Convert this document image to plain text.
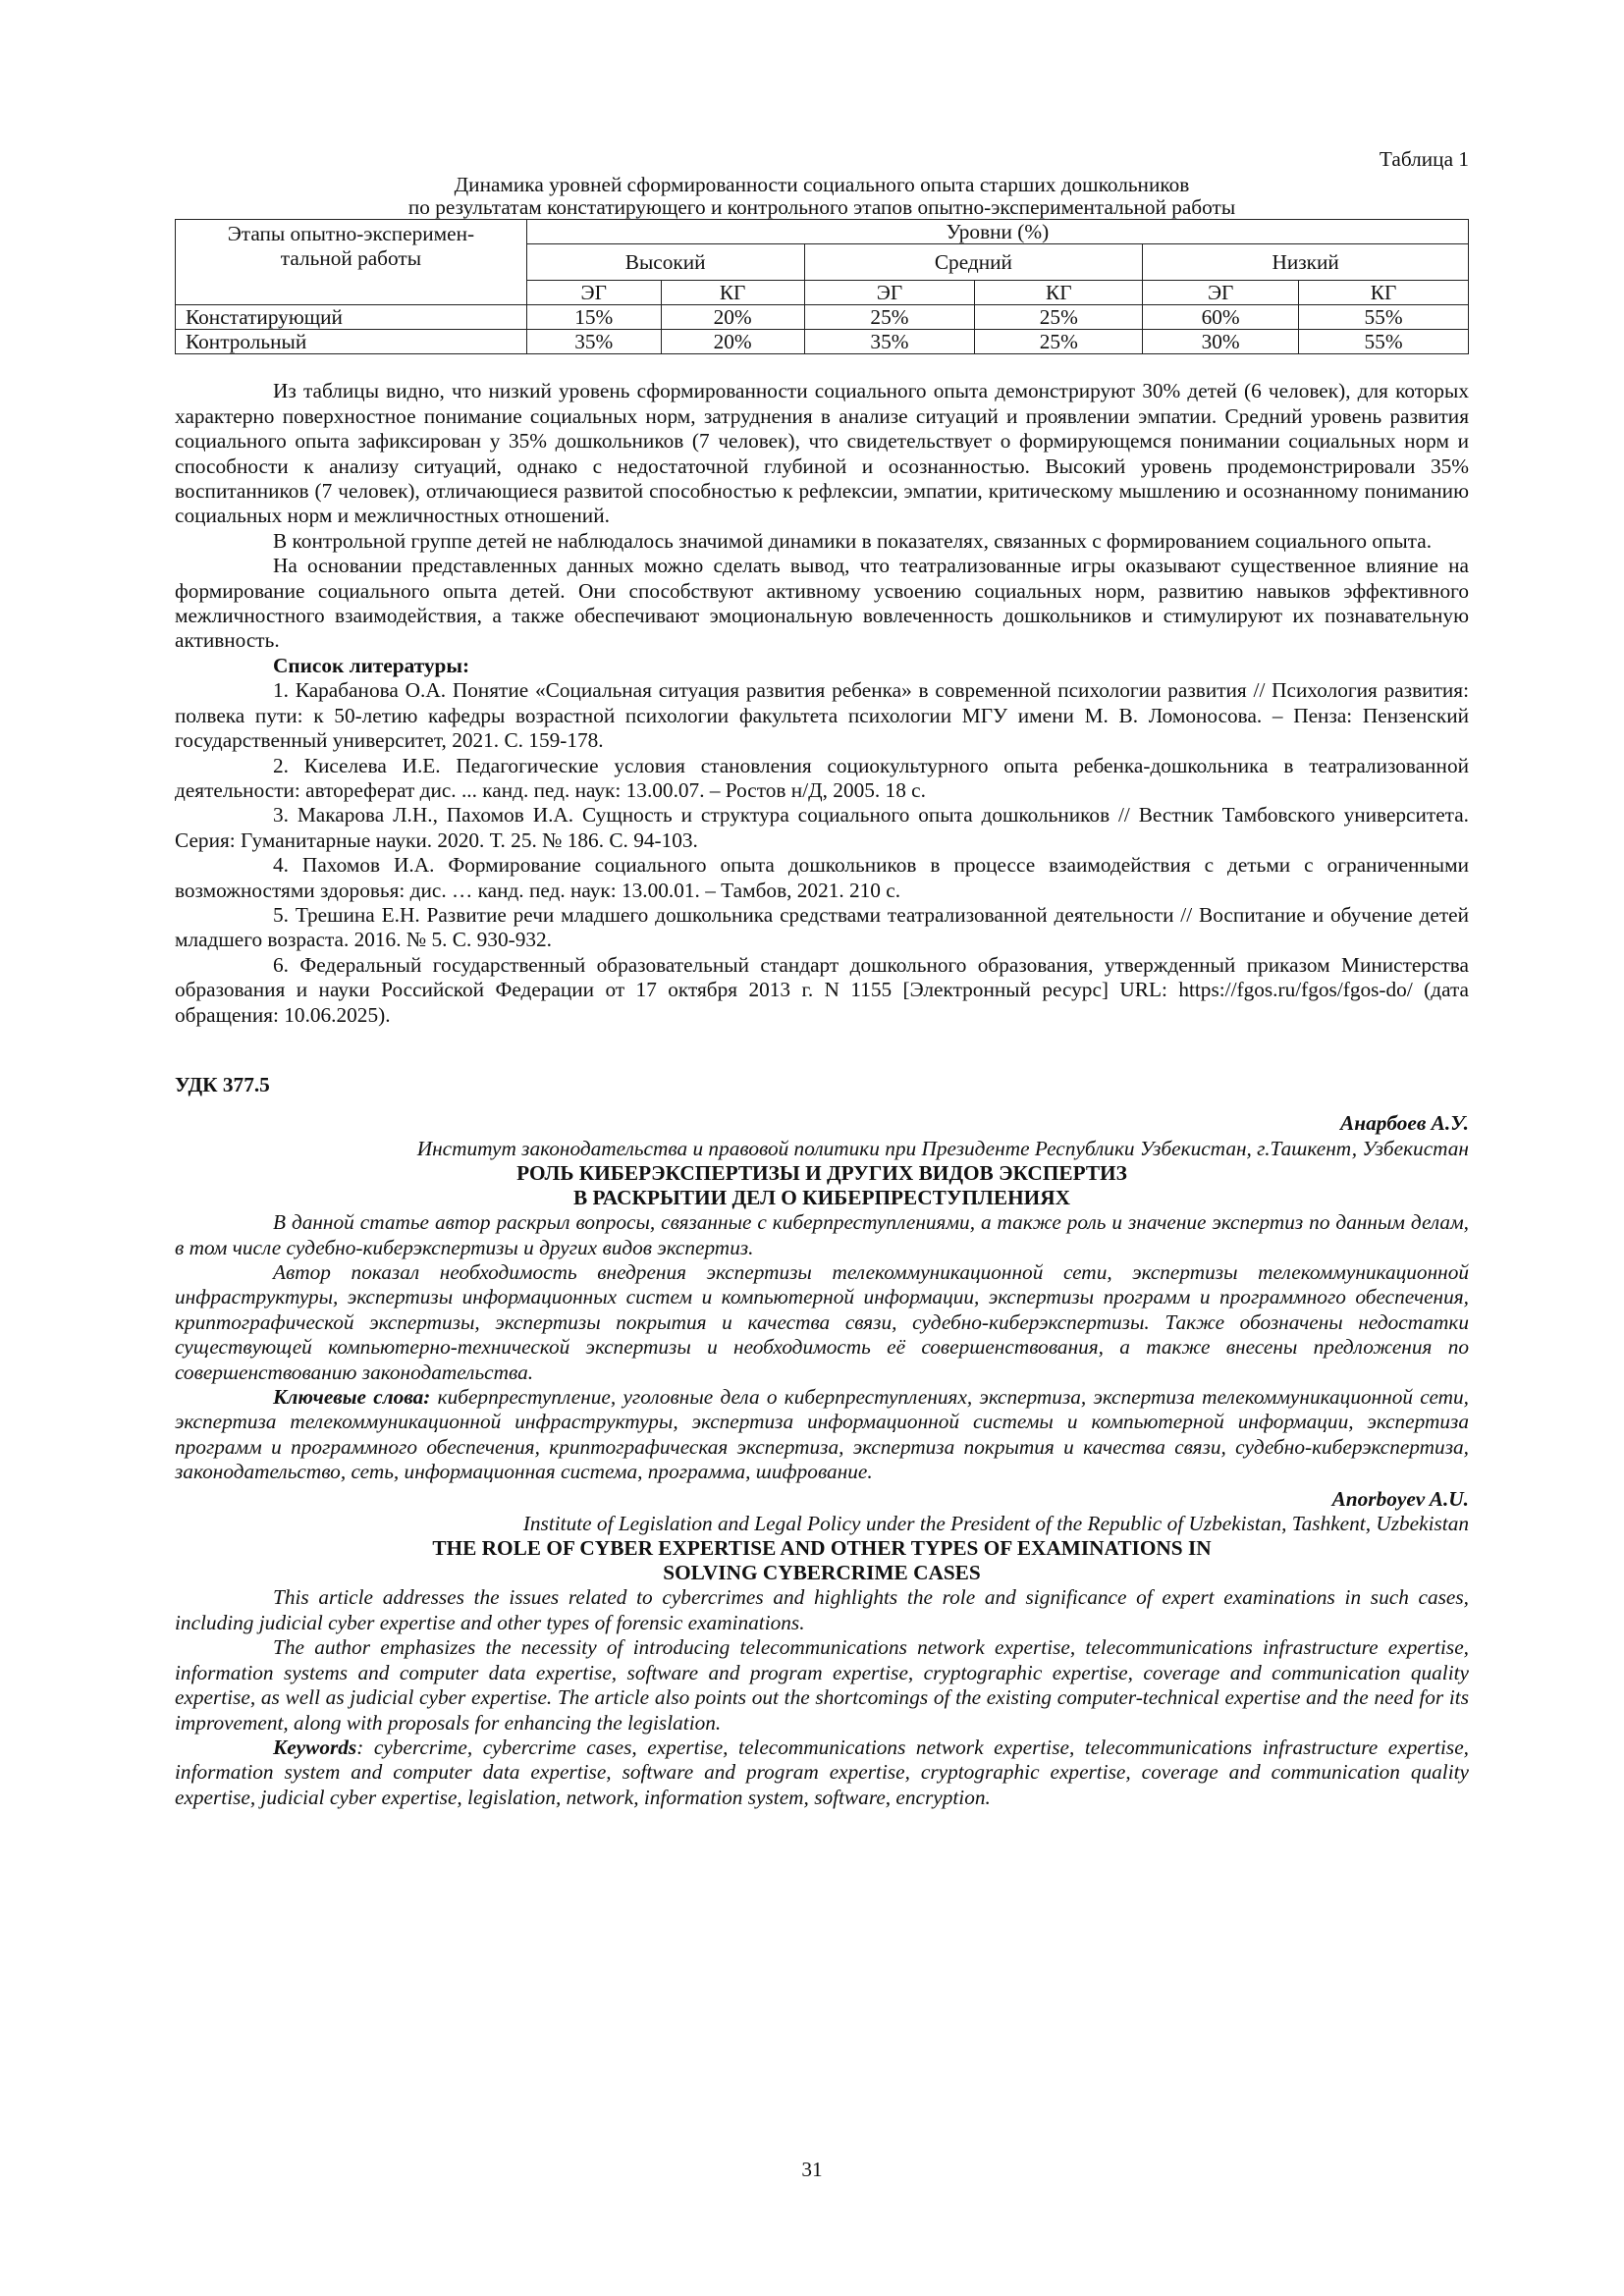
Таблица 1
Динамика уровней сформированности социального опыта старших дошкольников
по результатам констатирующего и контрольного этапов опытно-экспериментальной работы
Этапы опытно-эксперимен-
тальной работы	Уровни (%)					
	Высокий		Средний		Низкий	
	ЭГ	КГ	ЭГ	КГ	ЭГ	КГ
Констатирующий	15%	20%	25%	25%	60%	55%
Контрольный	35%	20%	35%	25%	30%	55%

Из таблицы видно, что низкий уровень сформированности социального опыта демонстрируют 30% детей (6 человек), для которых характерно поверхностное понимание социальных норм, затруднения в анализе ситуаций и проявлении эмпатии. Средний уровень развития социального опыта зафиксирован у 35% дошкольников (7 человек), что свидетельствует о формирующемся понимании социальных норм и способности к анализу ситуаций, однако с недостаточной глубиной и осознанностью. Высокий уровень продемонстрировали 35% воспитанников (7 человек), отличающиеся развитой способностью к рефлексии, эмпатии, критическому мышлению и осознанному пониманию социальных норм и межличностных отношений.

В контрольной группе детей не наблюдалось значимой динамики в показателях, связанных с формированием социального опыта.

На основании представленных данных можно сделать вывод, что театрализованные игры оказывают существенное влияние на формирование социального опыта детей. Они способствуют активному усвоению социальных норм, развитию навыков эффективного межличностного взаимодействия, а также обеспечивают эмоциональную вовлеченность дошкольников и стимулируют их познавательную активность.

Список литературы:

1. Карабанова О.А. Понятие «Социальная ситуация развития ребенка» в современной психологии развития // Психология развития: полвека пути: к 50-летию кафедры возрастной психологии факультета психологии МГУ имени М. В. Ломоносова. – Пенза: Пензенский государственный университет, 2021. С. 159-178.

2. Киселева И.Е. Педагогические условия становления социокультурного опыта ребенка-дошкольника в театрализованной деятельности: автореферат дис. ... канд. пед. наук: 13.00.07. – Ростов н/Д, 2005. 18 с.

3. Макарова Л.Н., Пахомов И.А. Сущность и структура социального опыта дошкольников // Вестник Тамбовского университета. Серия: Гуманитарные науки. 2020. Т. 25. № 186. С. 94-103.

4. Пахомов И.А. Формирование социального опыта дошкольников в процессе взаимодействия с детьми с ограниченными возможностями здоровья: дис. … канд. пед. наук: 13.00.01. – Тамбов, 2021. 210 с.

5. Трешина Е.Н. Развитие речи младшего дошкольника средствами театрализованной деятельности // Воспитание и обучение детей младшего возраста. 2016. № 5. С. 930-932.

6. Федеральный государственный образовательный стандарт дошкольного образования, утвержденный приказом Министерства образования и науки Российской Федерации от 17 октября 2013 г. N 1155 [Электронный ресурс] URL: https://fgos.ru/fgos/fgos-do/ (дата обращения: 10.06.2025).

УДК 377.5

Анарбоев А.У.

Институт законодательства и правовой политики при Президенте Республики Узбекистан, г.Ташкент, Узбекистан

РОЛЬ КИБЕРЭКСПЕРТИЗЫ И ДРУГИХ ВИДОВ ЭКСПЕРТИЗ

В РАСКРЫТИИ ДЕЛ О КИБЕРПРЕСТУПЛЕНИЯХ

В данной статье автор раскрыл вопросы, связанные с киберпреступлениями, а также роль и значение экспертиз по данным делам, в том числе судебно-киберэкспертизы и других видов экспертиз.

Автор показал необходимость внедрения экспертизы телекоммуникационной сети, экспертизы телекоммуникационной инфраструктуры, экспертизы информационных систем и компьютерной информации, экспертизы программ и программного обеспечения, криптографической экспертизы, экспертизы покрытия и качества связи, судебно-киберэкспертизы. Также обозначены недостатки существующей компьютерно-технической экспертизы и необходимость её совершенствования, а также внесены предложения по совершенствованию законодательства.

Ключевые слова: киберпреступление, уголовные дела о киберпреступлениях, экспертиза, экспертиза телекоммуникационной сети, экспертиза телекоммуникационной инфраструктуры, экспертиза информационной системы и компьютерной информации, экспертиза программ и программного обеспечения, криптографическая экспертиза, экспертиза покрытия и качества связи, судебно-киберэкспертиза, законодательство, сеть, информационная система, программа, шифрование.

Anorboyev A.U.

Institute of Legislation and Legal Policy under the President of the Republic of Uzbekistan, Tashkent, Uzbekistan

THE ROLE OF CYBER EXPERTISE AND OTHER TYPES OF EXAMINATIONS IN

SOLVING CYBERCRIME CASES

This article addresses the issues related to cybercrimes and highlights the role and significance of expert examinations in such cases, including judicial cyber expertise and other types of forensic examinations.

The author emphasizes the necessity of introducing telecommunications network expertise, telecommunications infrastructure expertise, information systems and computer data expertise, software and program expertise, cryptographic expertise, coverage and communication quality expertise, as well as judicial cyber expertise. The article also points out the shortcomings of the existing computer-technical expertise and the need for its improvement, along with proposals for enhancing the legislation.

Keywords: cybercrime, cybercrime cases, expertise, telecommunications network expertise, telecommunications infrastructure expertise, information system and computer data expertise, software and program expertise, cryptographic expertise, coverage and communication quality expertise, judicial cyber expertise, legislation, network, information system, software, encryption.

31
